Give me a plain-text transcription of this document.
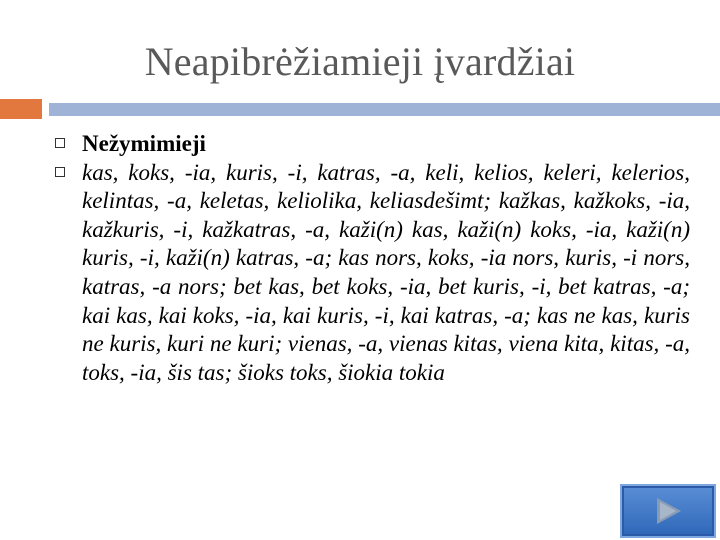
Neapibrėžiamieji įvardžiai
Nežymimieji
kas, koks, -ia, kuris, -i, katras, -a, keli, kelios, keleri, kelerios, kelintas, -a, keletas, keliolika, keliasdešimt; kažkas, kažkoks, -ia, kažkuris, -i, kažkatras, -a, kaži(n) kas, kaži(n) koks, -ia, kaži(n) kuris, -i, kaži(n) katras, -a; kas nors, koks, -ia nors, kuris, -i nors, katras, -a nors; bet kas, bet koks, -ia, bet kuris, -i, bet katras, -a; kai kas, kai koks, -ia, kai kuris, -i, kai katras, -a; kas ne kas, kuris ne kuris, kuri ne kuri; vienas, -a, vienas kitas, viena kita, kitas, -a, toks, -ia, šis tas; šioks toks, šiokia tokia
